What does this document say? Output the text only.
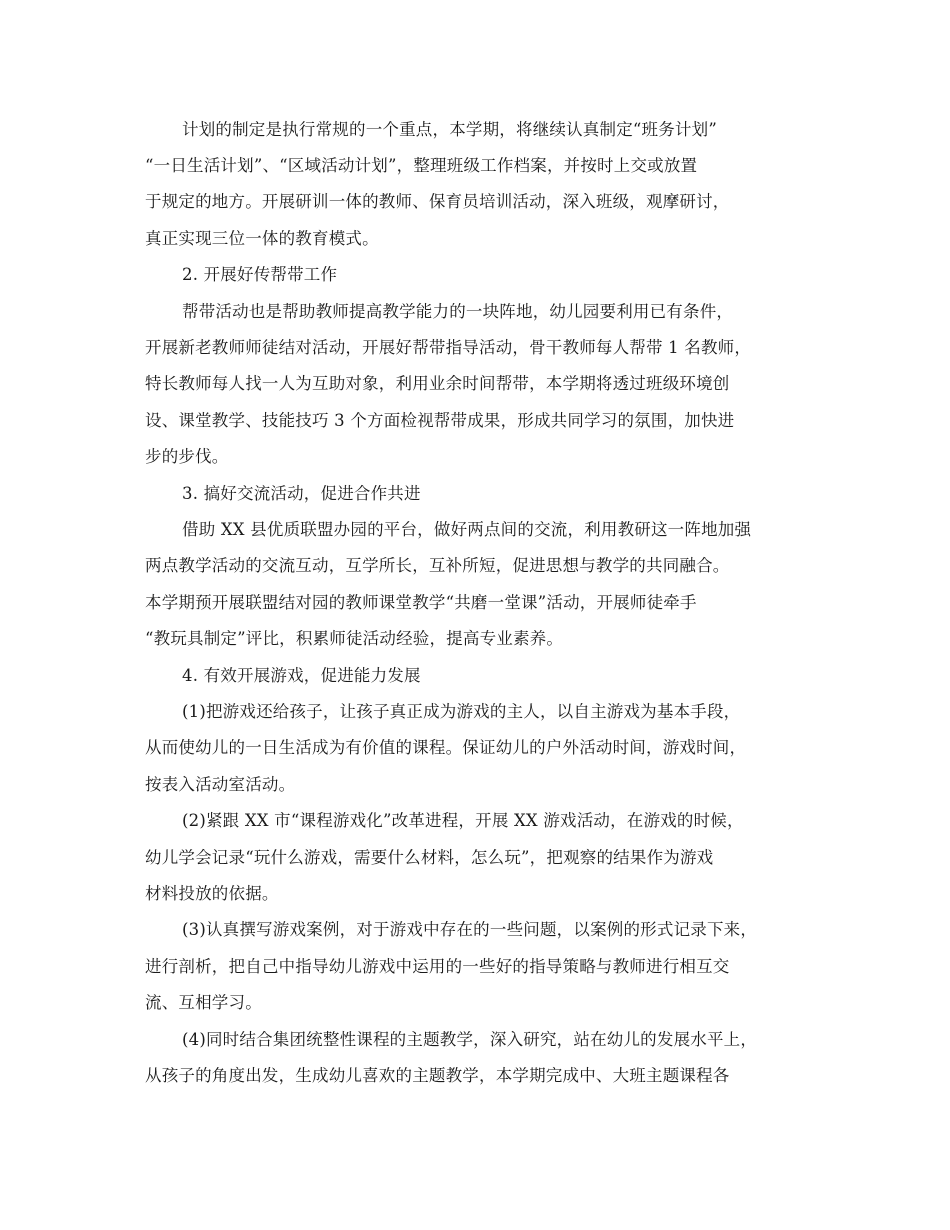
计划的制定是执行常规的一个重点，本学期，将继续认真制定“班务计划”
“一日生活计划”、“区域活动计划”，整理班级工作档案，并按时上交或放置
于规定的地方。开展研训一体的教师、保育员培训活动，深入班级，观摩研讨，
真正实现三位一体的教育模式。
2. 开展好传帮带工作
帮带活动也是帮助教师提高教学能力的一块阵地，幼儿园要利用已有条件，
开展新老教师师徒结对活动，开展好帮带指导活动，骨干教师每人帮带 1 名教师，
特长教师每人找一人为互助对象，利用业余时间帮带，本学期将透过班级环境创
设、课堂教学、技能技巧 3 个方面检视帮带成果，形成共同学习的氛围，加快进
步的步伐。
3. 搞好交流活动，促进合作共进
借助 XX 县优质联盟办园的平台，做好两点间的交流，利用教研这一阵地加强
两点教学活动的交流互动，互学所长，互补所短，促进思想与教学的共同融合。
本学期预开展联盟结对园的教师课堂教学“共磨一堂课”活动，开展师徒牵手
“教玩具制定”评比，积累师徒活动经验，提高专业素养。
4. 有效开展游戏，促进能力发展
(1)把游戏还给孩子，让孩子真正成为游戏的主人，以自主游戏为基本手段，
从而使幼儿的一日生活成为有价值的课程。保证幼儿的户外活动时间，游戏时间，
按表入活动室活动。
(2)紧跟 XX 市“课程游戏化”改革进程，开展 XX 游戏活动，在游戏的时候，
幼儿学会记录“玩什么游戏，需要什么材料，怎么玩”，把观察的结果作为游戏
材料投放的依据。
(3)认真撰写游戏案例，对于游戏中存在的一些问题，以案例的形式记录下来，
进行剖析，把自己中指导幼儿游戏中运用的一些好的指导策略与教师进行相互交
流、互相学习。
(4)同时结合集团统整性课程的主题教学，深入研究，站在幼儿的发展水平上，
从孩子的角度出发，生成幼儿喜欢的主题教学，本学期完成中、大班主题课程各
